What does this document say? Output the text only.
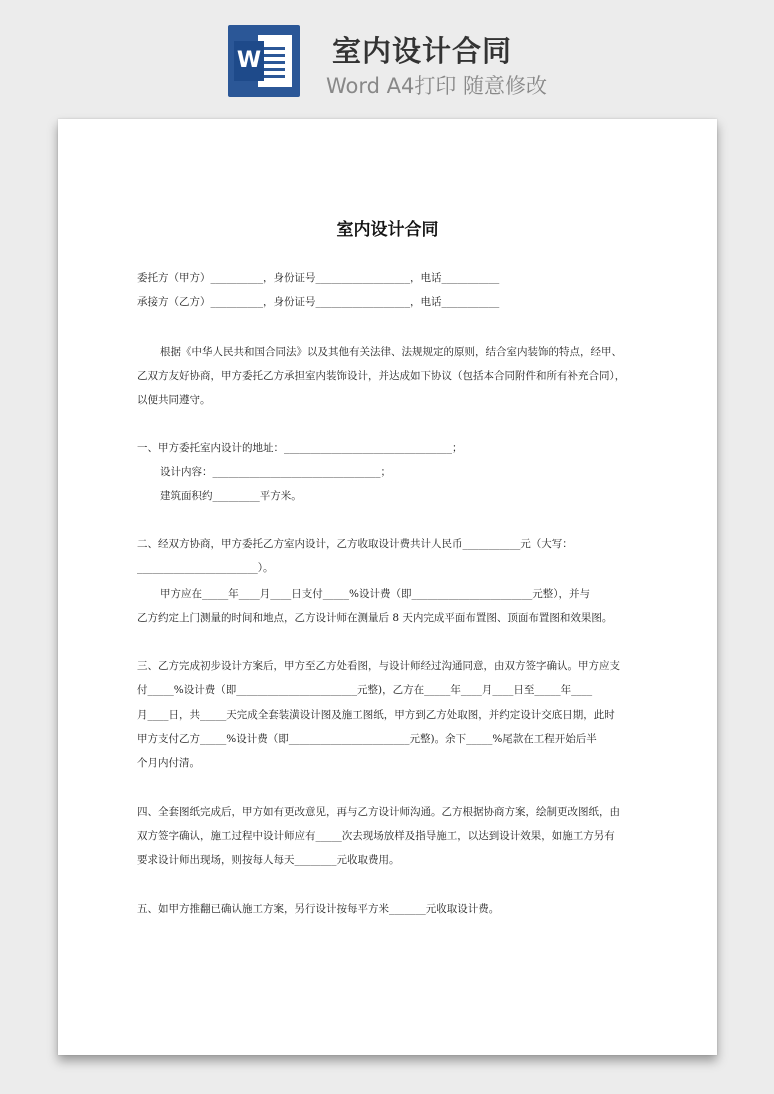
W 室内设计合同
Word A4打印 随意修改

室内设计合同
委托方（甲方）__________，身份证号__________________，电话___________
承接方（乙方）__________，身份证号__________________，电话___________
根据《中华人民共和国合同法》以及其他有关法律、法规规定的原则，结合室内装饰的特点，经甲、
乙双方友好协商，甲方委托乙方承担室内装饰设计，并达成如下协议（包括本合同附件和所有补充合同），
以便共同遵守。
一、甲方委托室内设计的地址：________________________________；
设计内容：________________________________；
建筑面积约_________平方米。
二、经双方协商，甲方委托乙方室内设计，乙方收取设计费共计人民币___________元（大写：
_______________________）。
甲方应在_____年____月____日支付_____%设计费（即_______________________元整），并与
乙方约定上门测量的时间和地点，乙方设计师在测量后 8 天内完成平面布置图、顶面布置图和效果图。
三、乙方完成初步设计方案后，甲方至乙方处看图，与设计师经过沟通同意，由双方签字确认。甲方应支
付_____%设计费（即_______________________元整)，乙方在_____年____月____日至_____年____
月____日，共_____天完成全套装潢设计图及施工图纸，甲方到乙方处取图，并约定设计交底日期，此时
甲方支付乙方_____%设计费（即_______________________元整)。余下_____%尾款在工程开始后半
个月内付清。
四、全套图纸完成后，甲方如有更改意见，再与乙方设计师沟通。乙方根据协商方案，绘制更改图纸，由
双方签字确认，施工过程中设计师应有_____次去现场放样及指导施工，以达到设计效果，如施工方另有
要求设计师出现场，则按每人每天________元收取费用。
五、如甲方推翻已确认施工方案，另行设计按每平方米_______元收取设计费。
